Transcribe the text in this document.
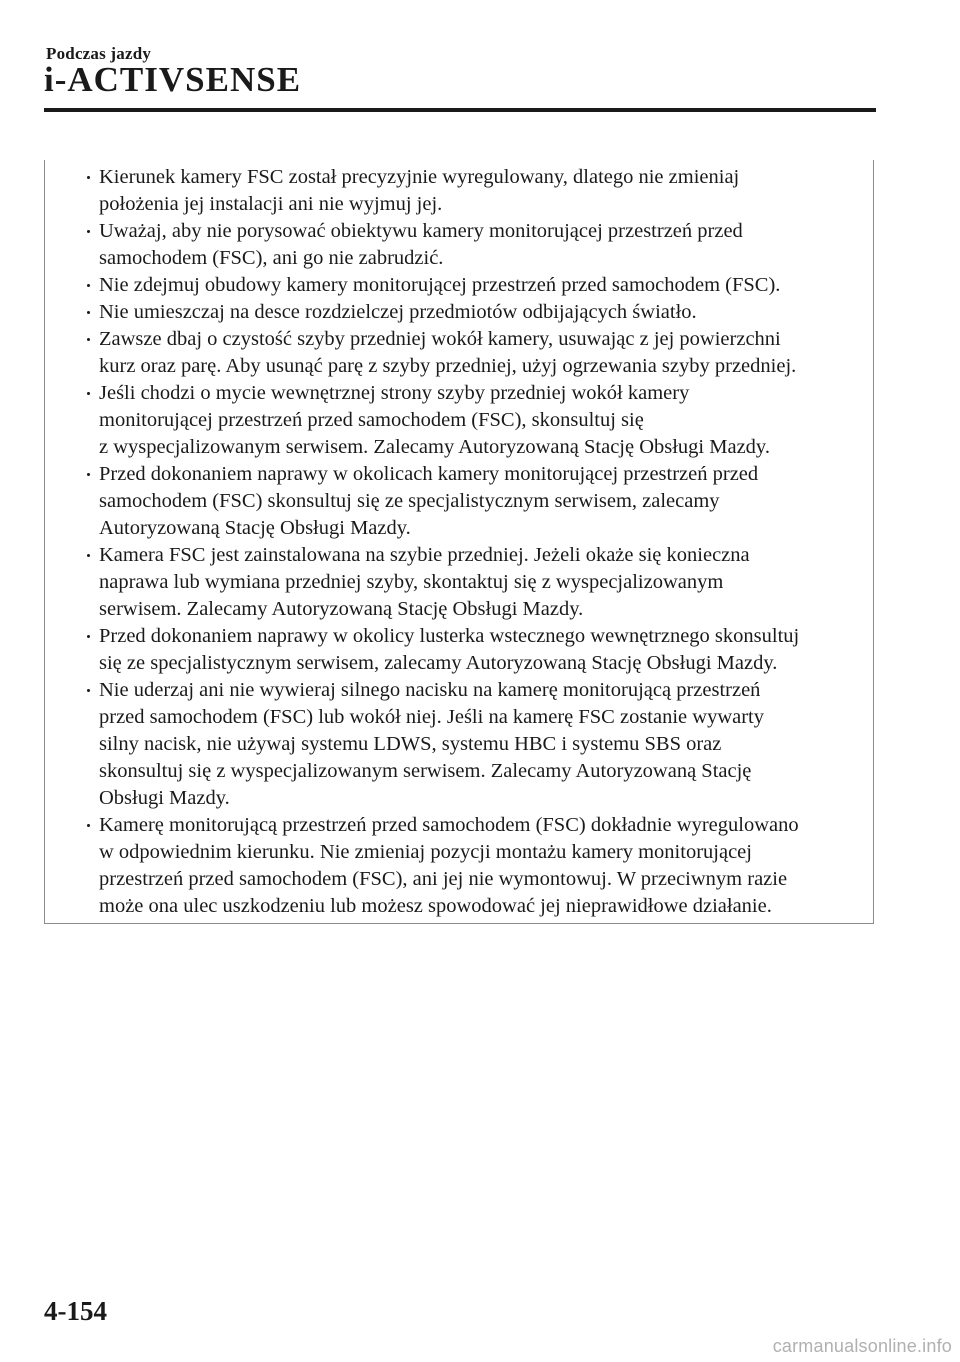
Podczas jazdy
i-ACTIVSENSE
Kierunek kamery FSC został precyzyjnie wyregulowany, dlatego nie zmieniaj
położenia jej instalacji ani nie wyjmuj jej.
Uważaj, aby nie porysować obiektywu kamery monitorującej przestrzeń przed
samochodem (FSC), ani go nie zabrudzić.
Nie zdejmuj obudowy kamery monitorującej przestrzeń przed samochodem (FSC).
Nie umieszczaj na desce rozdzielczej przedmiotów odbijających światło.
Zawsze dbaj o czystość szyby przedniej wokół kamery, usuwając z jej powierzchni
kurz oraz parę. Aby usunąć parę z szyby przedniej, użyj ogrzewania szyby przedniej.
Jeśli chodzi o mycie wewnętrznej strony szyby przedniej wokół kamery
monitorującej przestrzeń przed samochodem (FSC), skonsultuj się
z wyspecjalizowanym serwisem. Zalecamy Autoryzowaną Stację Obsługi Mazdy.
Przed dokonaniem naprawy w okolicach kamery monitorującej przestrzeń przed
samochodem (FSC) skonsultuj się ze specjalistycznym serwisem, zalecamy
Autoryzowaną Stację Obsługi Mazdy.
Kamera FSC jest zainstalowana na szybie przedniej. Jeżeli okaże się konieczna
naprawa lub wymiana przedniej szyby, skontaktuj się z wyspecjalizowanym
serwisem. Zalecamy Autoryzowaną Stację Obsługi Mazdy.
Przed dokonaniem naprawy w okolicy lusterka wstecznego wewnętrznego skonsultuj
się ze specjalistycznym serwisem, zalecamy Autoryzowaną Stację Obsługi Mazdy.
Nie uderzaj ani nie wywieraj silnego nacisku na kamerę monitorującą przestrzeń
przed samochodem (FSC) lub wokół niej. Jeśli na kamerę FSC zostanie wywarty
silny nacisk, nie używaj systemu LDWS, systemu HBC i systemu SBS oraz
skonsultuj się z wyspecjalizowanym serwisem. Zalecamy Autoryzowaną Stację
Obsługi Mazdy.
Kamerę monitorującą przestrzeń przed samochodem (FSC) dokładnie wyregulowano
w odpowiednim kierunku. Nie zmieniaj pozycji montażu kamery monitorującej
przestrzeń przed samochodem (FSC), ani jej nie wymontowuj. W przeciwnym razie
może ona ulec uszkodzeniu lub możesz spowodować jej nieprawidłowe działanie.
4-154
carmanualsonline.info
